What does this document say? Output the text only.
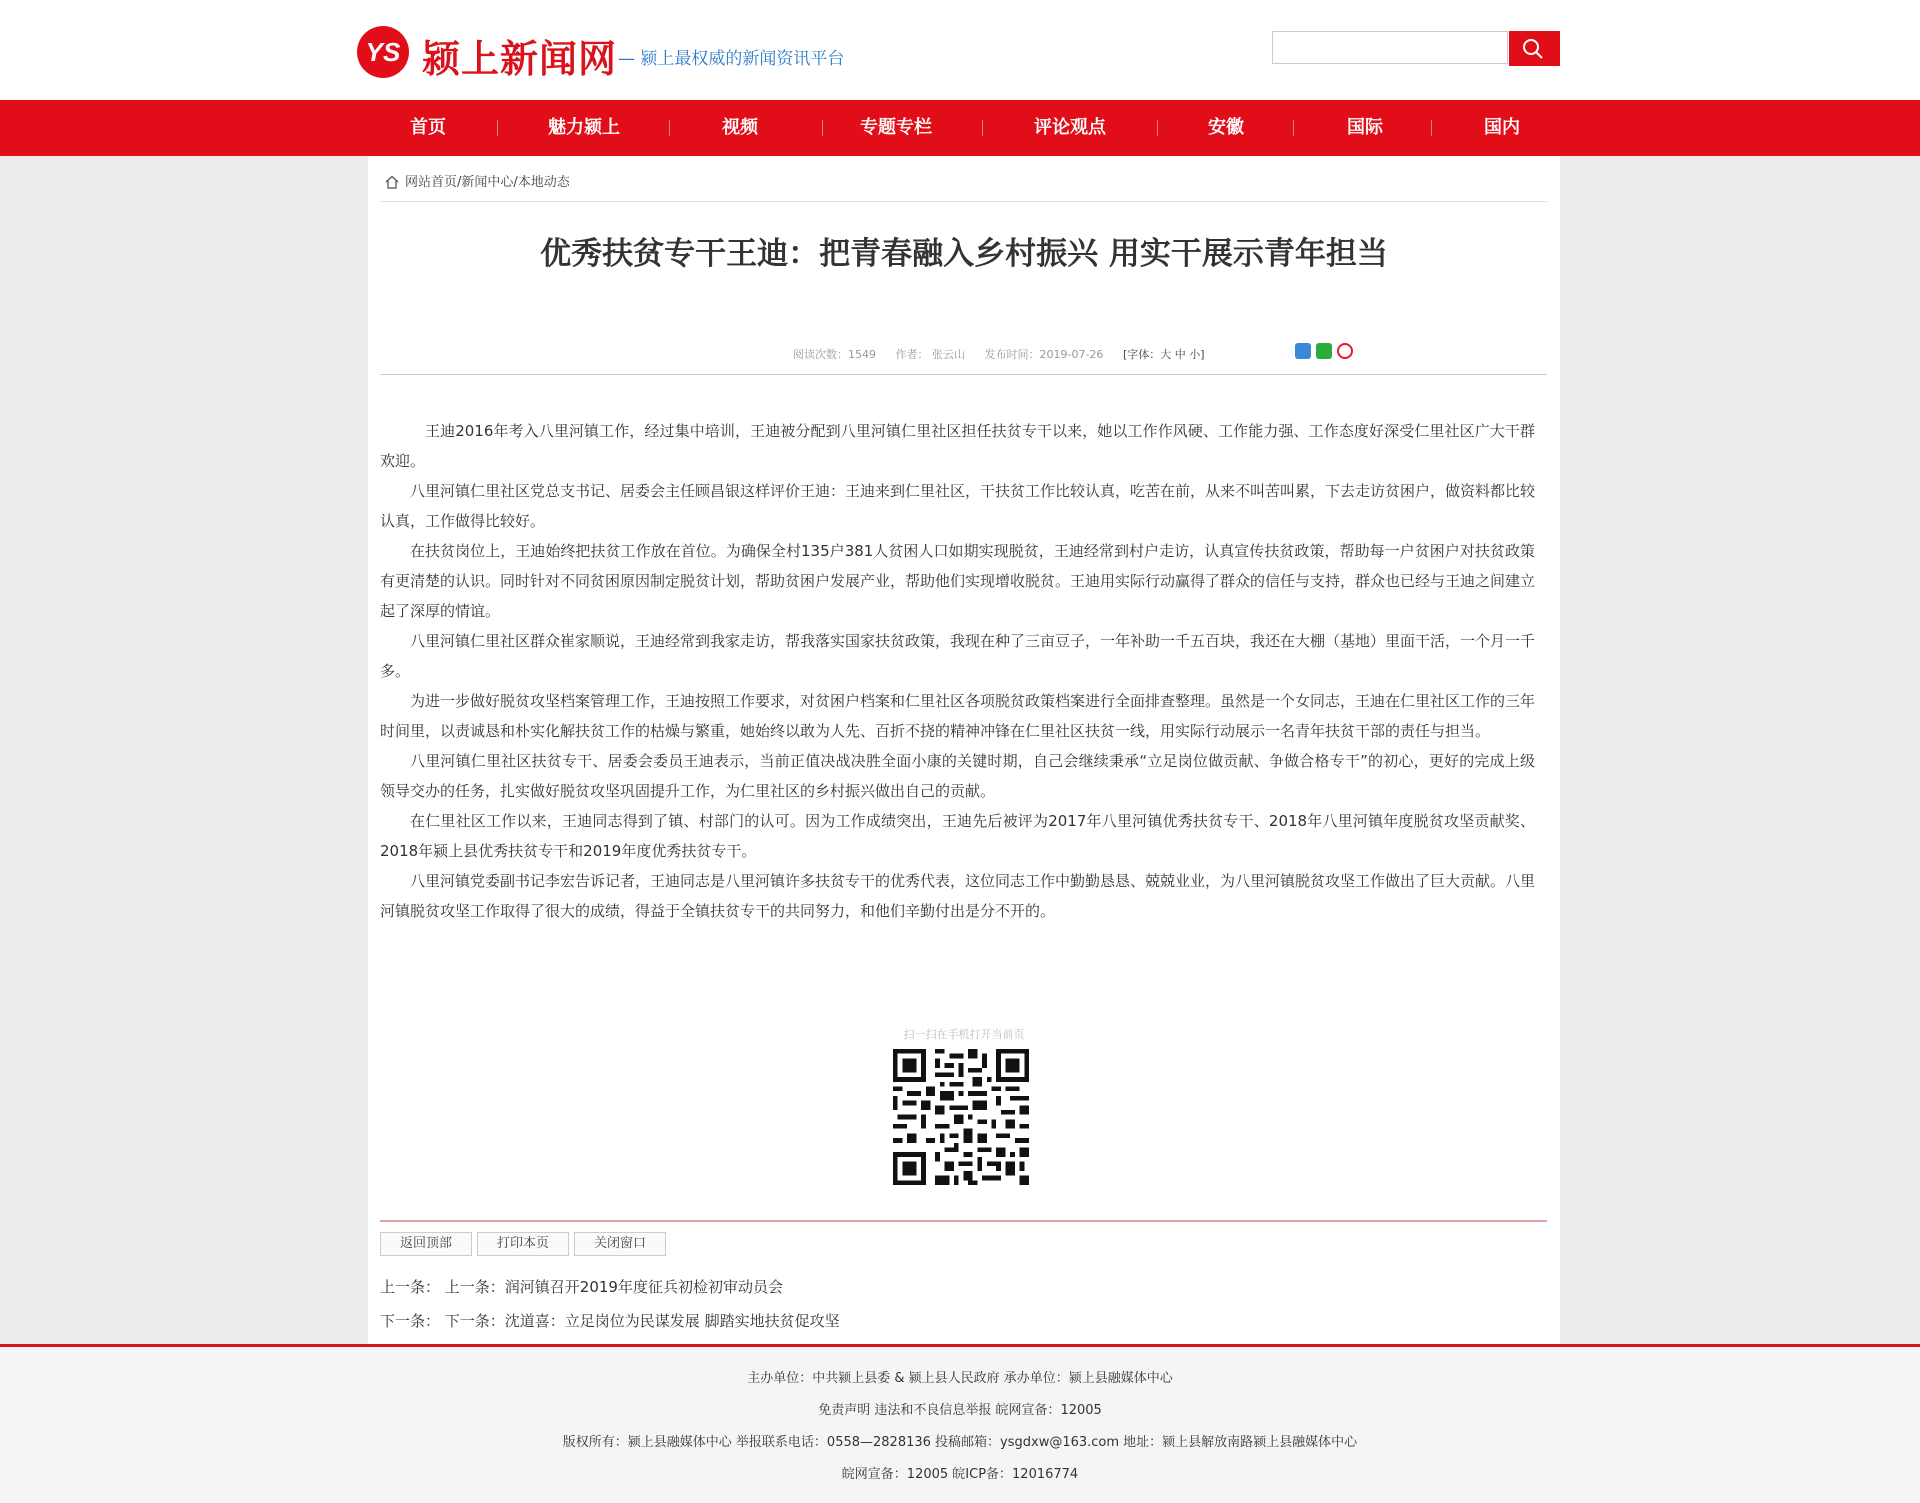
YS 颍上新闻网 — 颍上最权威的新闻资讯平台
首页	魅力颍上	视频	专题专栏	评论观点	安徽	国际	国内
网站首页/新闻中心/本地动态
优秀扶贫专干王迪：把青春融入乡村振兴 用实干展示青年担当
阅读次数：1549 作者： 张云山 发布时间：2019-07-26 [字体：大 中 小]

王迪2016年考入八里河镇工作，经过集中培训，王迪被分配到八里河镇仁里社区担任扶贫专干以来，她以工作作风硬、工作能力强、工作态度好深受仁里社区广大干群欢迎。

八里河镇仁里社区党总支书记、居委会主任顾昌银这样评价王迪：王迪来到仁里社区，干扶贫工作比较认真，吃苦在前，从来不叫苦叫累，下去走访贫困户，做资料都比较认真，工作做得比较好。

在扶贫岗位上，王迪始终把扶贫工作放在首位。为确保全村135户381人贫困人口如期实现脱贫，王迪经常到村户走访，认真宣传扶贫政策，帮助每一户贫困户对扶贫政策有更清楚的认识。同时针对不同贫困原因制定脱贫计划，帮助贫困户发展产业，帮助他们实现增收脱贫。王迪用实际行动赢得了群众的信任与支持，群众也已经与王迪之间建立起了深厚的情谊。

八里河镇仁里社区群众崔家顺说，王迪经常到我家走访，帮我落实国家扶贫政策，我现在种了三亩豆子，一年补助一千五百块，我还在大棚（基地）里面干活，一个月一千多。

为进一步做好脱贫攻坚档案管理工作，王迪按照工作要求，对贫困户档案和仁里社区各项脱贫政策档案进行全面排查整理。虽然是一个女同志，王迪在仁里社区工作的三年时间里，以责诚恳和朴实化解扶贫工作的枯燥与繁重，她始终以敢为人先、百折不挠的精神冲锋在仁里社区扶贫一线，用实际行动展示一名青年扶贫干部的责任与担当。

八里河镇仁里社区扶贫专干、居委会委员王迪表示，当前正值决战决胜全面小康的关键时期，自己会继续秉承“立足岗位做贡献、争做合格专干”的初心，更好的完成上级领导交办的任务，扎实做好脱贫攻坚巩固提升工作，为仁里社区的乡村振兴做出自己的贡献。

在仁里社区工作以来，王迪同志得到了镇、村部门的认可。因为工作成绩突出，王迪先后被评为2017年八里河镇优秀扶贫专干、2018年八里河镇年度脱贫攻坚贡献奖、2018年颍上县优秀扶贫专干和2019年度优秀扶贫专干。

八里河镇党委副书记李宏告诉记者，王迪同志是八里河镇许多扶贫专干的优秀代表，这位同志工作中勤勤恳恳、兢兢业业，为八里河镇脱贫攻坚工作做出了巨大贡献。八里河镇脱贫攻坚工作取得了很大的成绩，得益于全镇扶贫专干的共同努力，和他们辛勤付出是分不开的。

扫一扫在手机打开当前页
返回顶部	打印本页	关闭窗口
上一条： 上一条：润河镇召开2019年度征兵初检初审动员会
下一条： 下一条：沈道喜：立足岗位为民谋发展 脚踏实地扶贫促攻坚
主办单位：中共颍上县委 & 颍上县人民政府 承办单位：颍上县融媒体中心
免责声明 违法和不良信息举报 皖网宣备：12005
版权所有：颍上县融媒体中心 举报联系电话：0558—2828136 投稿邮箱：ysgdxw@163.com 地址：颍上县解放南路颍上县融媒体中心
皖网宣备：12005 皖ICP备：12016774
